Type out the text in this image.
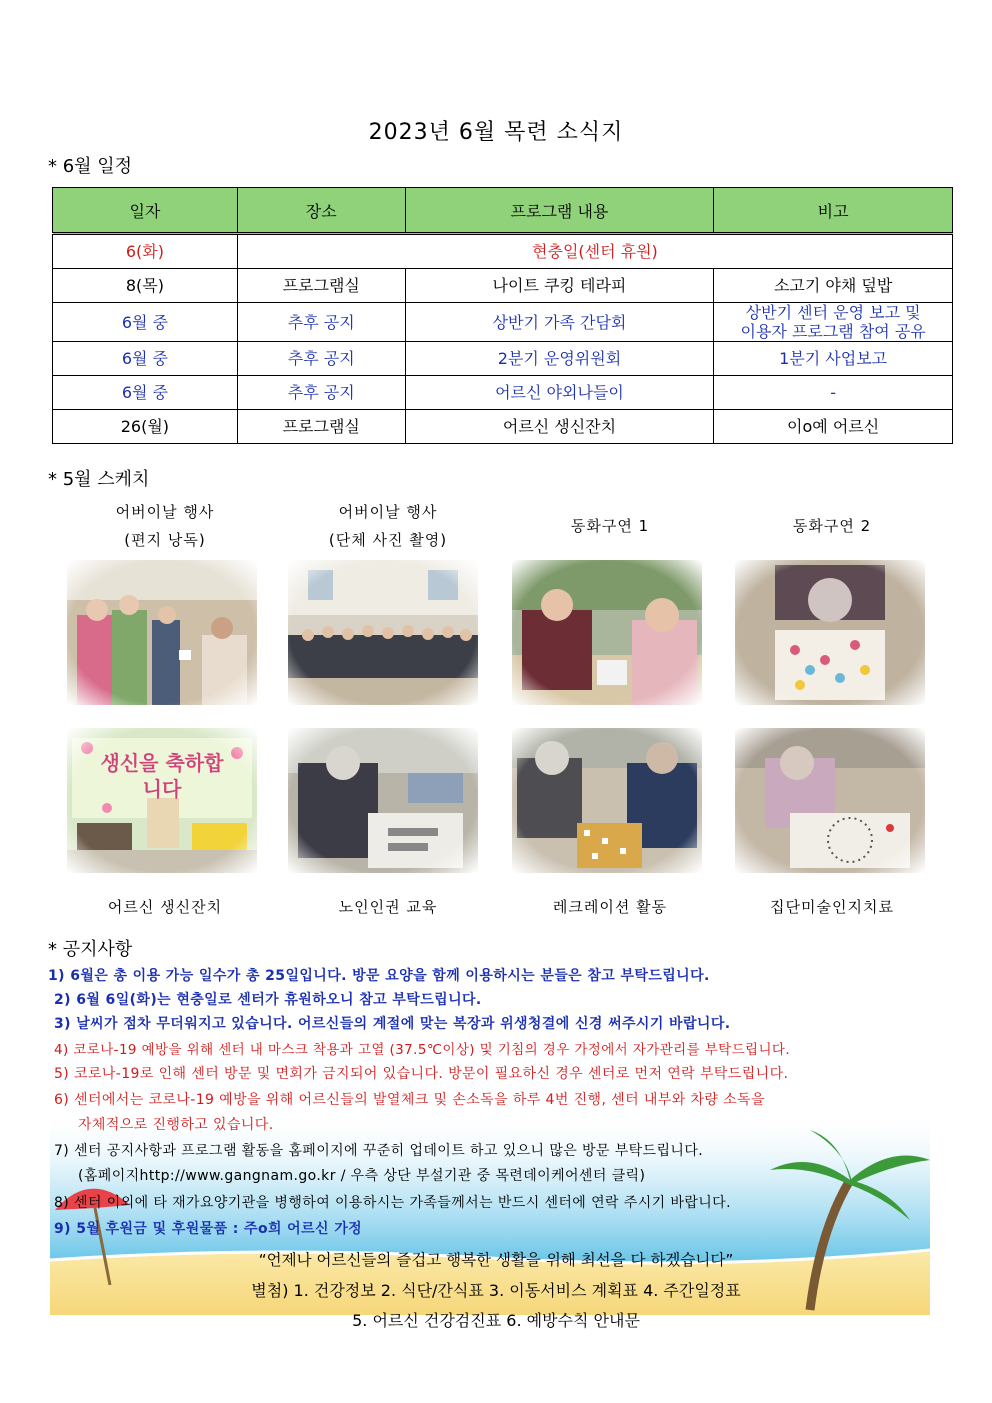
2023년 6월 목련 소식지
* 6월 일정
일자	장소	프로그램 내용	비고
6(화)	현충일(센터 휴원)		
8(목)	프로그램실	나이트 쿠킹 테라피	소고기 야채 덮밥
6월 중	추후 공지	상반기 가족 간담회	상반기 센터 운영 보고 및
이용자 프로그램 참여 공유
6월 중	추후 공지	2분기 운영위원회	1분기 사업보고
6월 중	추후 공지	어르신 야외나들이	-
26(월)	프로그램실	어르신 생신잔치	이o예 어르신
* 5월 스케치
어버이날 행사
(편지 낭독)
어버이날 행사
(단체 사진 촬영)
동화구연 1	동화구연 2
생신을 축하합니다
어르신 생신잔치	노인인권 교육	레크레이션 활동	집단미술인지치료
* 공지사항
1) 6월은 총 이용 가능 일수가 총 25일입니다. 방문 요양을 함께 이용하시는 분들은 참고 부탁드립니다.
2) 6월 6일(화)는 현충일로 센터가 휴원하오니 참고 부탁드립니다.
3) 날씨가 점차 무더워지고 있습니다. 어르신들의 계절에 맞는 복장과 위생청결에 신경 써주시기 바랍니다.
4) 코로나-19 예방을 위해 센터 내 마스크 착용과 고열 (37.5℃이상) 및 기침의 경우 가정에서 자가관리를 부탁드립니다.
5) 코로나-19로 인해 센터 방문 및 면회가 금지되어 있습니다. 방문이 필요하신 경우 센터로 먼저 연락 부탁드립니다.
6) 센터에서는 코로나-19 예방을 위해 어르신들의 발열체크 및 손소독을 하루 4번 진행, 센터 내부와 차량 소독을
자체적으로 진행하고 있습니다.
7) 센터 공지사항과 프로그램 활동을 홈페이지에 꾸준히 업데이트 하고 있으니 많은 방문 부탁드립니다.
(홈페이지http://www.gangnam.go.kr / 우측 상단 부설기관 중 목련데이케어센터 클릭)
8) 센터 이외에 타 재가요양기관을 병행하여 이용하시는 가족들께서는 반드시 센터에 연락 주시기 바랍니다.
9) 5월 후원금 및 후원물품 : 주o희 어르신 가정
“언제나 어르신들의 즐겁고 행복한 생활을 위해 최선을 다 하겠습니다”
별첨) 1. 건강정보 2. 식단/간식표 3. 이동서비스 계획표 4. 주간일정표
5. 어르신 건강검진표 6. 예방수칙 안내문
